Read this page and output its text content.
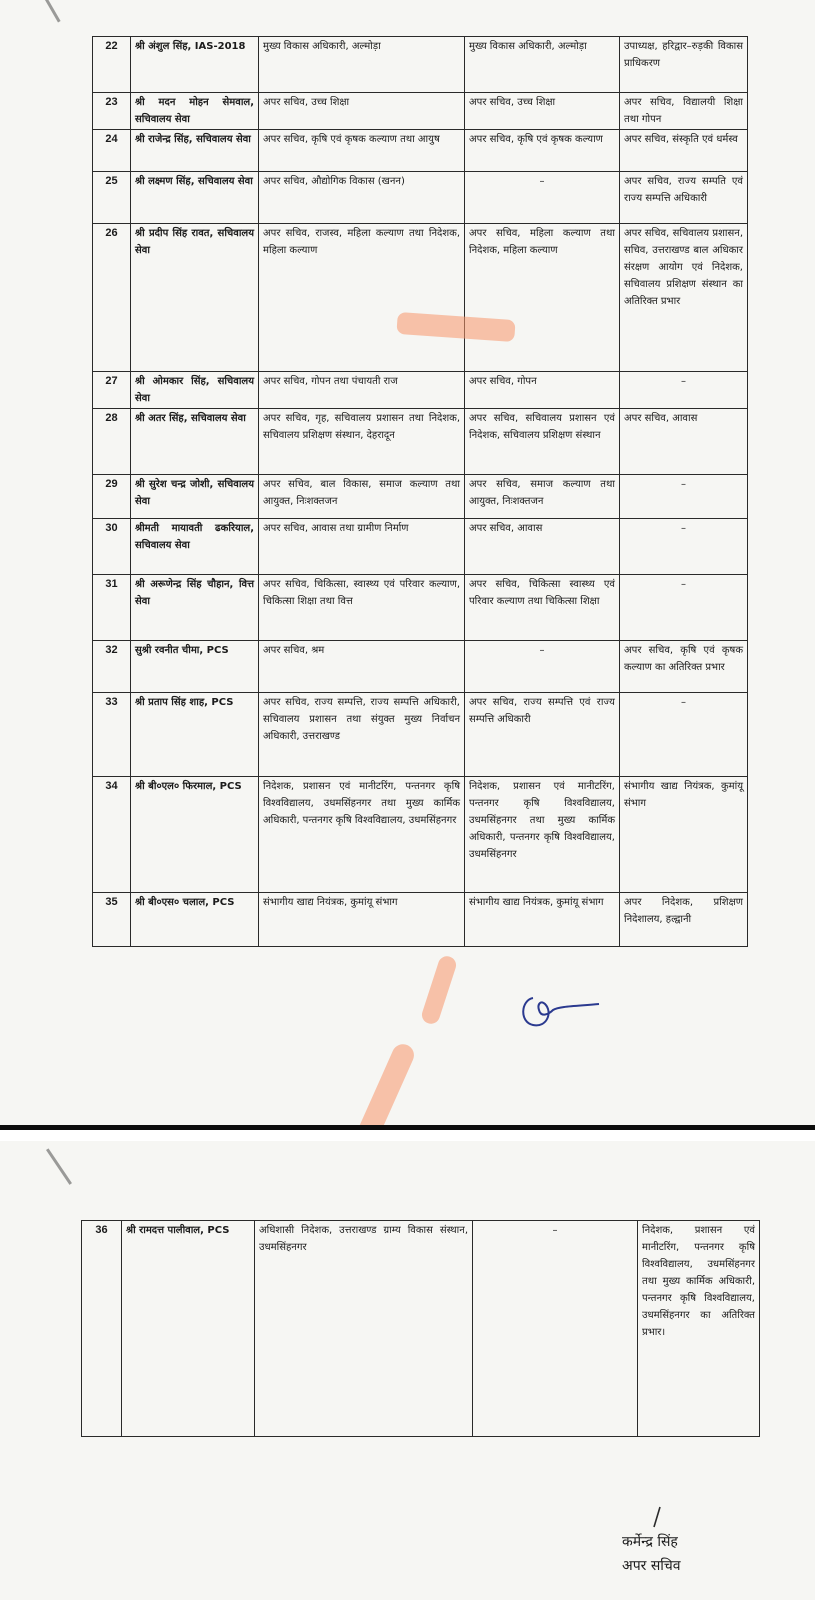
22	श्री अंशुल सिंह, IAS-2018	मुख्य विकास अधिकारी, अल्मोड़ा	मुख्य विकास अधिकारी, अल्मोड़ा	उपाध्यक्ष, हरिद्वार–रुड़की विकास प्राधिकरण
23	श्री मदन मोहन सेमवाल, सचिवालय सेवा	अपर सचिव, उच्च शिक्षा	अपर सचिव, उच्च शिक्षा	अपर सचिव, विद्यालयी शिक्षा तथा गोपन
24	श्री राजेन्द्र सिंह, सचिवालय सेवा	अपर सचिव, कृषि एवं कृषक कल्याण तथा आयुष	अपर सचिव, कृषि एवं कृषक कल्याण	अपर सचिव, संस्कृति एवं धर्मस्व
25	श्री लक्ष्मण सिंह, सचिवालय सेवा	अपर सचिव, औद्योगिक विकास (खनन)	–	अपर सचिव, राज्य सम्पति एवं राज्य सम्पत्ति अधिकारी
26	श्री प्रदीप सिंह रावत, सचिवालय सेवा	अपर सचिव, राजस्व, महिला कल्याण तथा निदेशक, महिला कल्याण	अपर सचिव, महिला कल्याण तथा निदेशक, महिला कल्याण	अपर सचिव, सचिवालय प्रशासन, सचिव, उत्तराखण्ड बाल अधिकार संरक्षण आयोग एवं निदेशक, सचिवालय प्रशिक्षण संस्थान का अतिरिक्त प्रभार
27	श्री ओमकार सिंह, सचिवालय सेवा	अपर सचिव, गोपन तथा पंचायती राज	अपर सचिव, गोपन	–
28	श्री अतर सिंह, सचिवालय सेवा	अपर सचिव, गृह, सचिवालय प्रशासन तथा निदेशक, सचिवालय प्रशिक्षण संस्थान, देहरादून	अपर सचिव, सचिवालय प्रशासन एवं निदेशक, सचिवालय प्रशिक्षण संस्थान	अपर सचिव, आवास
29	श्री सुरेश चन्द्र जोशी, सचिवालय सेवा	अपर सचिव, बाल विकास, समाज कल्याण तथा आयुक्त, निःशक्तजन	अपर सचिव, समाज कल्याण तथा आयुक्त, निःशक्तजन	–
30	श्रीमती मायावती ढकरियाल, सचिवालय सेवा	अपर सचिव, आवास तथा ग्रामीण निर्माण	अपर सचिव, आवास	–
31	श्री अरूणेन्द्र सिंह चौहान, वित्त सेवा	अपर सचिव, चिकित्सा, स्वास्थ्य एवं परिवार कल्याण, चिकित्सा शिक्षा तथा वित्त	अपर सचिव, चिकित्सा स्वास्थ्य एवं परिवार कल्याण तथा चिकित्सा शिक्षा	–
32	सुश्री रवनीत चीमा, PCS	अपर सचिव, श्रम	–	अपर सचिव, कृषि एवं कृषक कल्याण का अतिरिक्त प्रभार
33	श्री प्रताप सिंह शाह, PCS	अपर सचिव, राज्य सम्पत्ति, राज्य सम्पत्ति अधिकारी, सचिवालय प्रशासन तथा संयुक्त मुख्य निर्वाचन अधिकारी, उत्तराखण्ड	अपर सचिव, राज्य सम्पत्ति एवं राज्य सम्पत्ति अधिकारी	–
34	श्री बी०एल० फिरमाल, PCS	निदेशक, प्रशासन एवं मानीटरिंग, पन्तनगर कृषि विश्वविद्यालय, उधमसिंहनगर तथा मुख्य कार्मिक अधिकारी, पन्तनगर कृषि विश्वविद्यालय, उधमसिंहनगर	निदेशक, प्रशासन एवं मानीटरिंग, पन्तनगर कृषि विश्वविद्यालय, उधमसिंहनगर तथा मुख्य कार्मिक अधिकारी, पन्तनगर कृषि विश्वविद्यालय, उधमसिंहनगर	संभागीय खाद्य नियंत्रक, कुमांयू संभाग
35	श्री बी०एस० चलाल, PCS	संभागीय खाद्य नियंत्रक, कुमांयू संभाग	संभागीय खाद्य नियंत्रक, कुमांयू संभाग	अपर निदेशक, प्रशिक्षण निदेशालय, हल्द्वानी
36	श्री रामदत्त पालीवाल, PCS	अधिशासी निदेशक, उत्तराखण्ड ग्राम्य विकास संस्थान, उधमसिंहनगर	–	निदेशक, प्रशासन एवं मानीटरिंग, पन्तनगर कृषि विश्वविद्यालय, उधमसिंहनगर तथा मुख्य कार्मिक अधिकारी, पन्तनगर कृषि विश्वविद्यालय, उधमसिंहनगर का अतिरिक्त प्रभार।
कर्मेन्द्र सिंह
अपर सचिव
